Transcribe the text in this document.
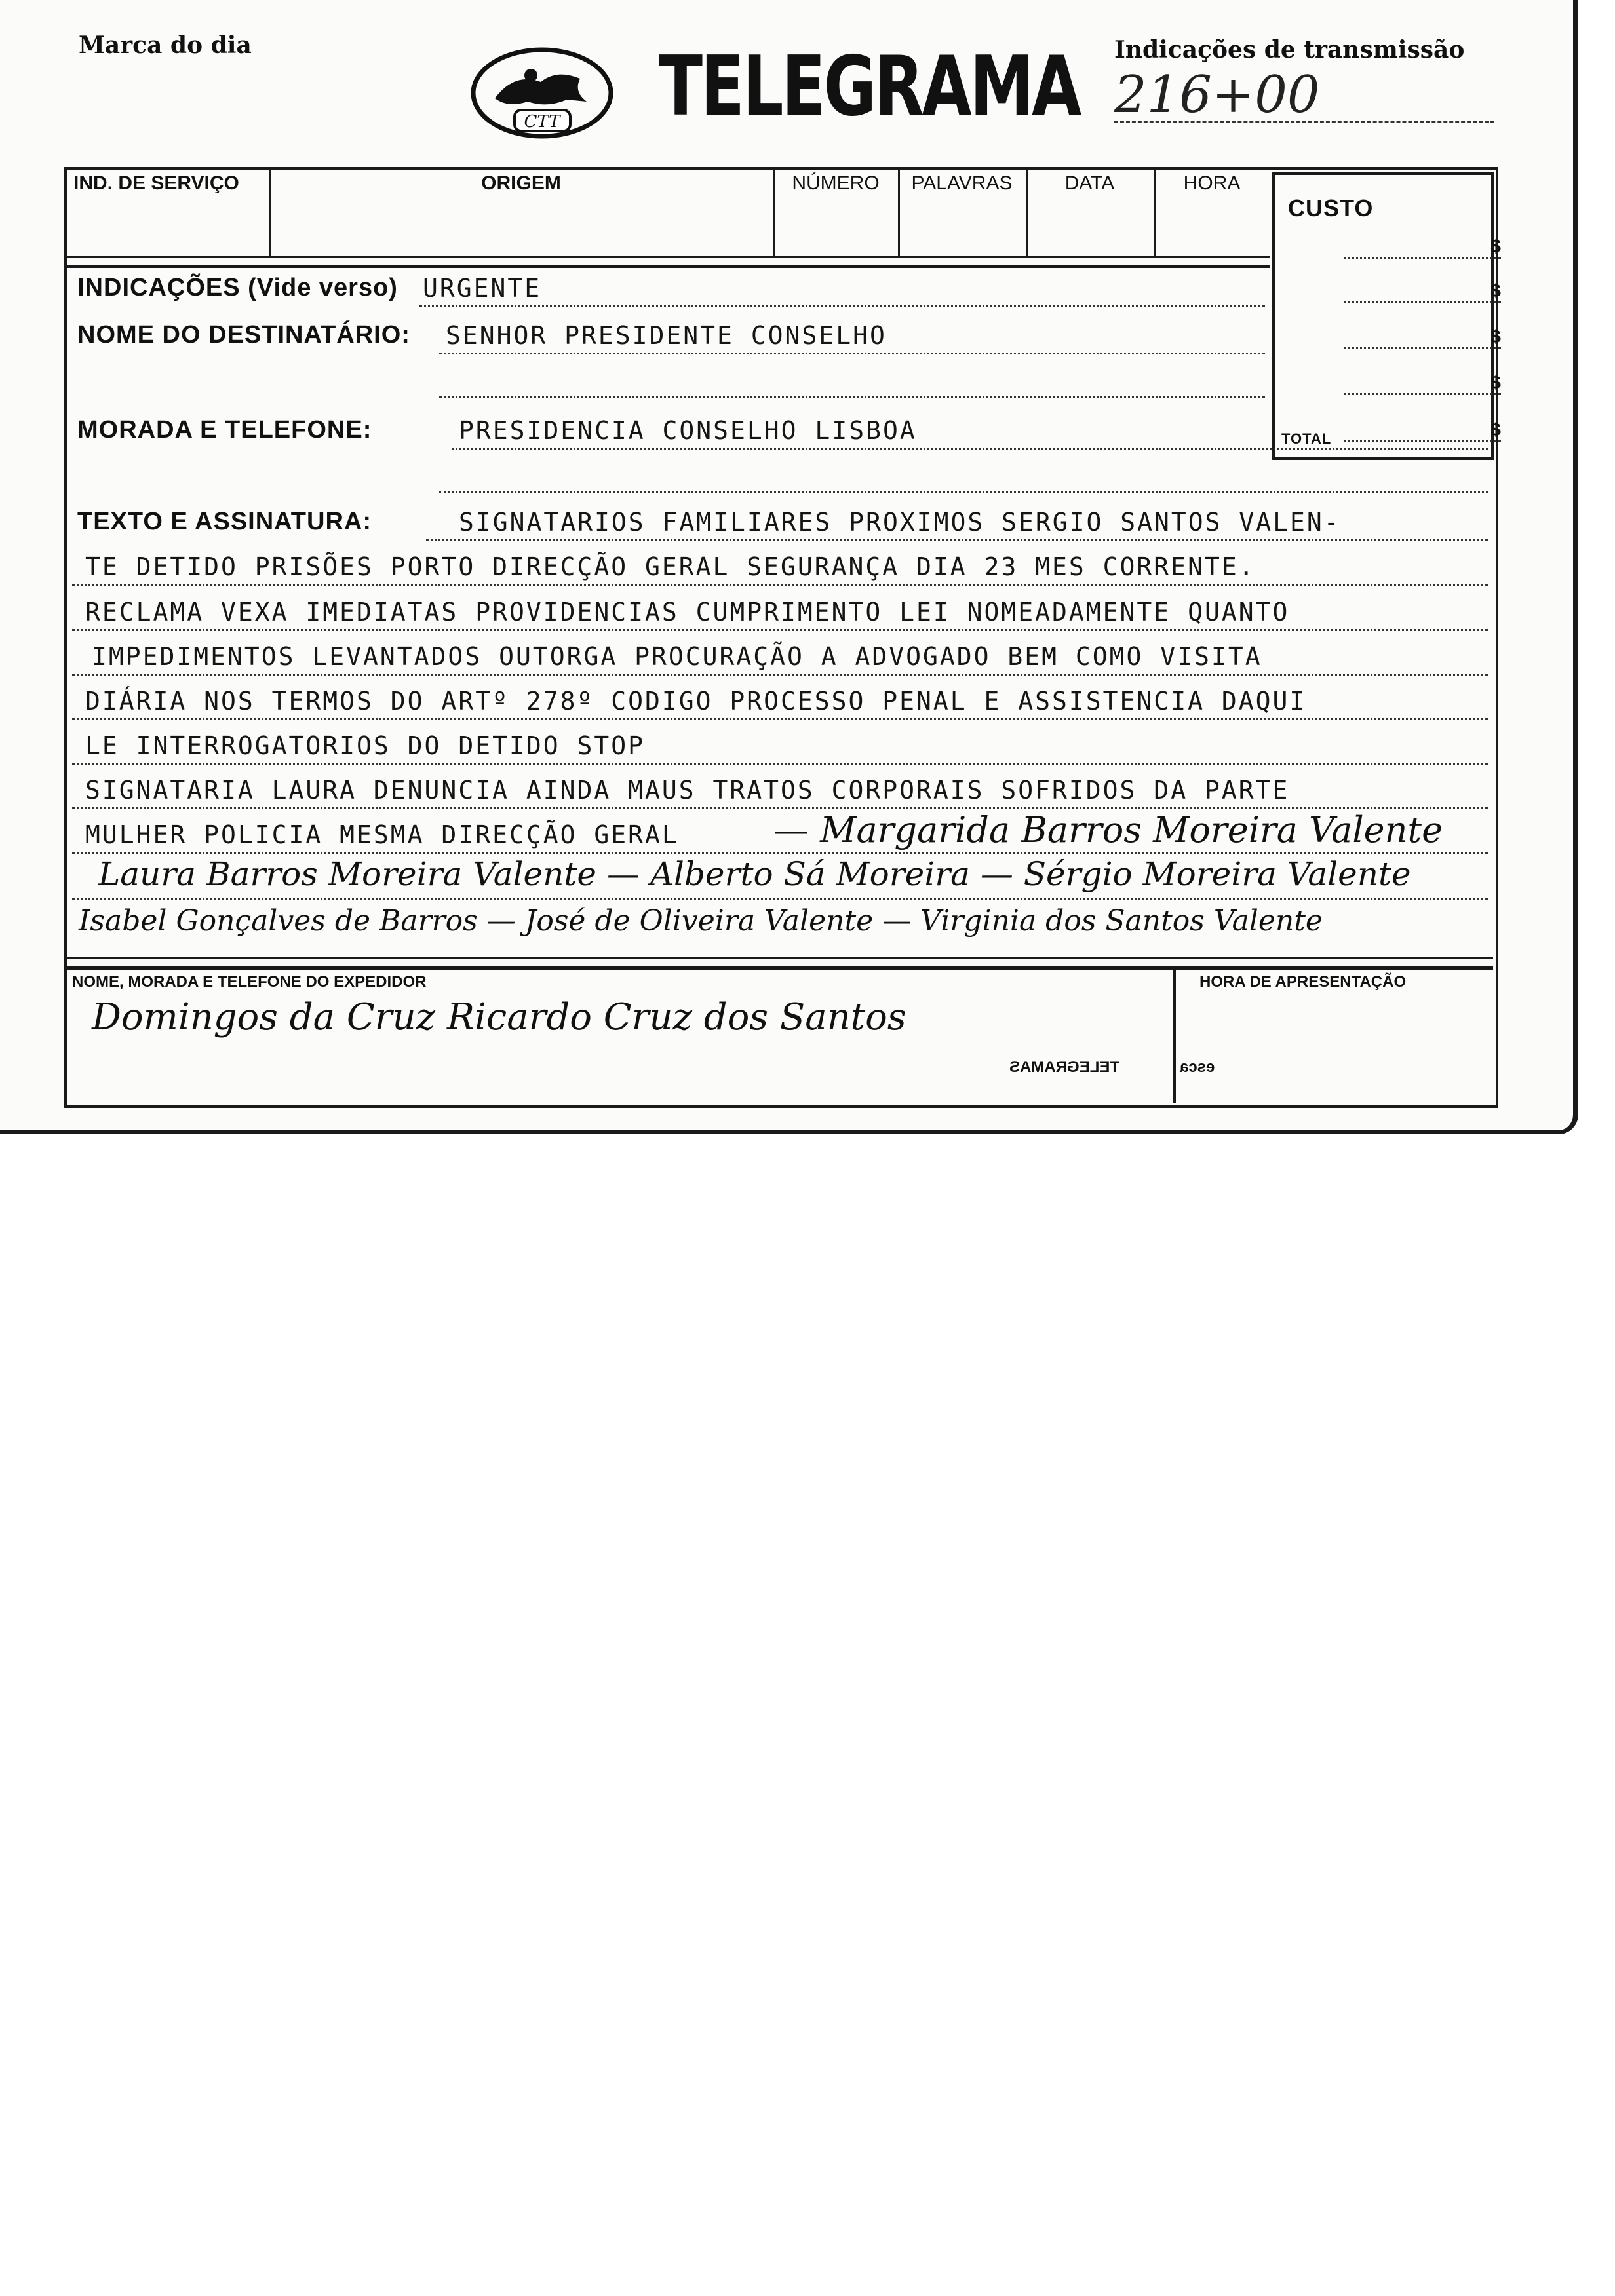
Marca do dia
CTT TELEGRAMA Indicações de transmissão
216+00
IND. DE SERVIÇO	ORIGEM	NÚMERO	PALAVRAS	DATA	HORA
CUSTO
TOTAL
$
$
$
$
$
INDICAÇÕES (Vide verso) URGENTE
NOME DO DESTINATÁRIO: SENHOR PRESIDENTE CONSELHO
MORADA E TELEFONE:	PRESIDENCIA CONSELHO LISBOA
TEXTO E ASSINATURA:	SIGNATARIOS FAMILIARES PROXIMOS SERGIO SANTOS VALEN-
TE DETIDO PRISÕES PORTO DIRECÇÃO GERAL SEGURANÇA DIA 23 MES CORRENTE.
RECLAMA VEXA IMEDIATAS PROVIDENCIAS CUMPRIMENTO LEI NOMEADAMENTE QUANTO
IMPEDIMENTOS LEVANTADOS OUTORGA PROCURAÇÃO A ADVOGADO BEM COMO VISITA
DIÁRIA NOS TERMOS DO ARTº 278º CODIGO PROCESSO PENAL E ASSISTENCIA DAQUI
LE INTERROGATORIOS DO DETIDO STOP
SIGNATARIA LAURA DENUNCIA AINDA MAUS TRATOS CORPORAIS SOFRIDOS DA PARTE
MULHER POLICIA MESMA DIRECÇÃO GERAL	— Margarida Barros Moreira Valente
Laura Barros Moreira Valente — Alberto Sá Moreira — Sérgio Moreira Valente
Isabel Gonçalves de Barros — José de Oliveira Valente — Virginia dos Santos Valente
NOME, MORADA E TELEFONE DO EXPEDIDOR
Domingos da Cruz Ricardo Cruz dos Santos
HORA DE APRESENTAÇÃO
TELEGRAMAS	esca
